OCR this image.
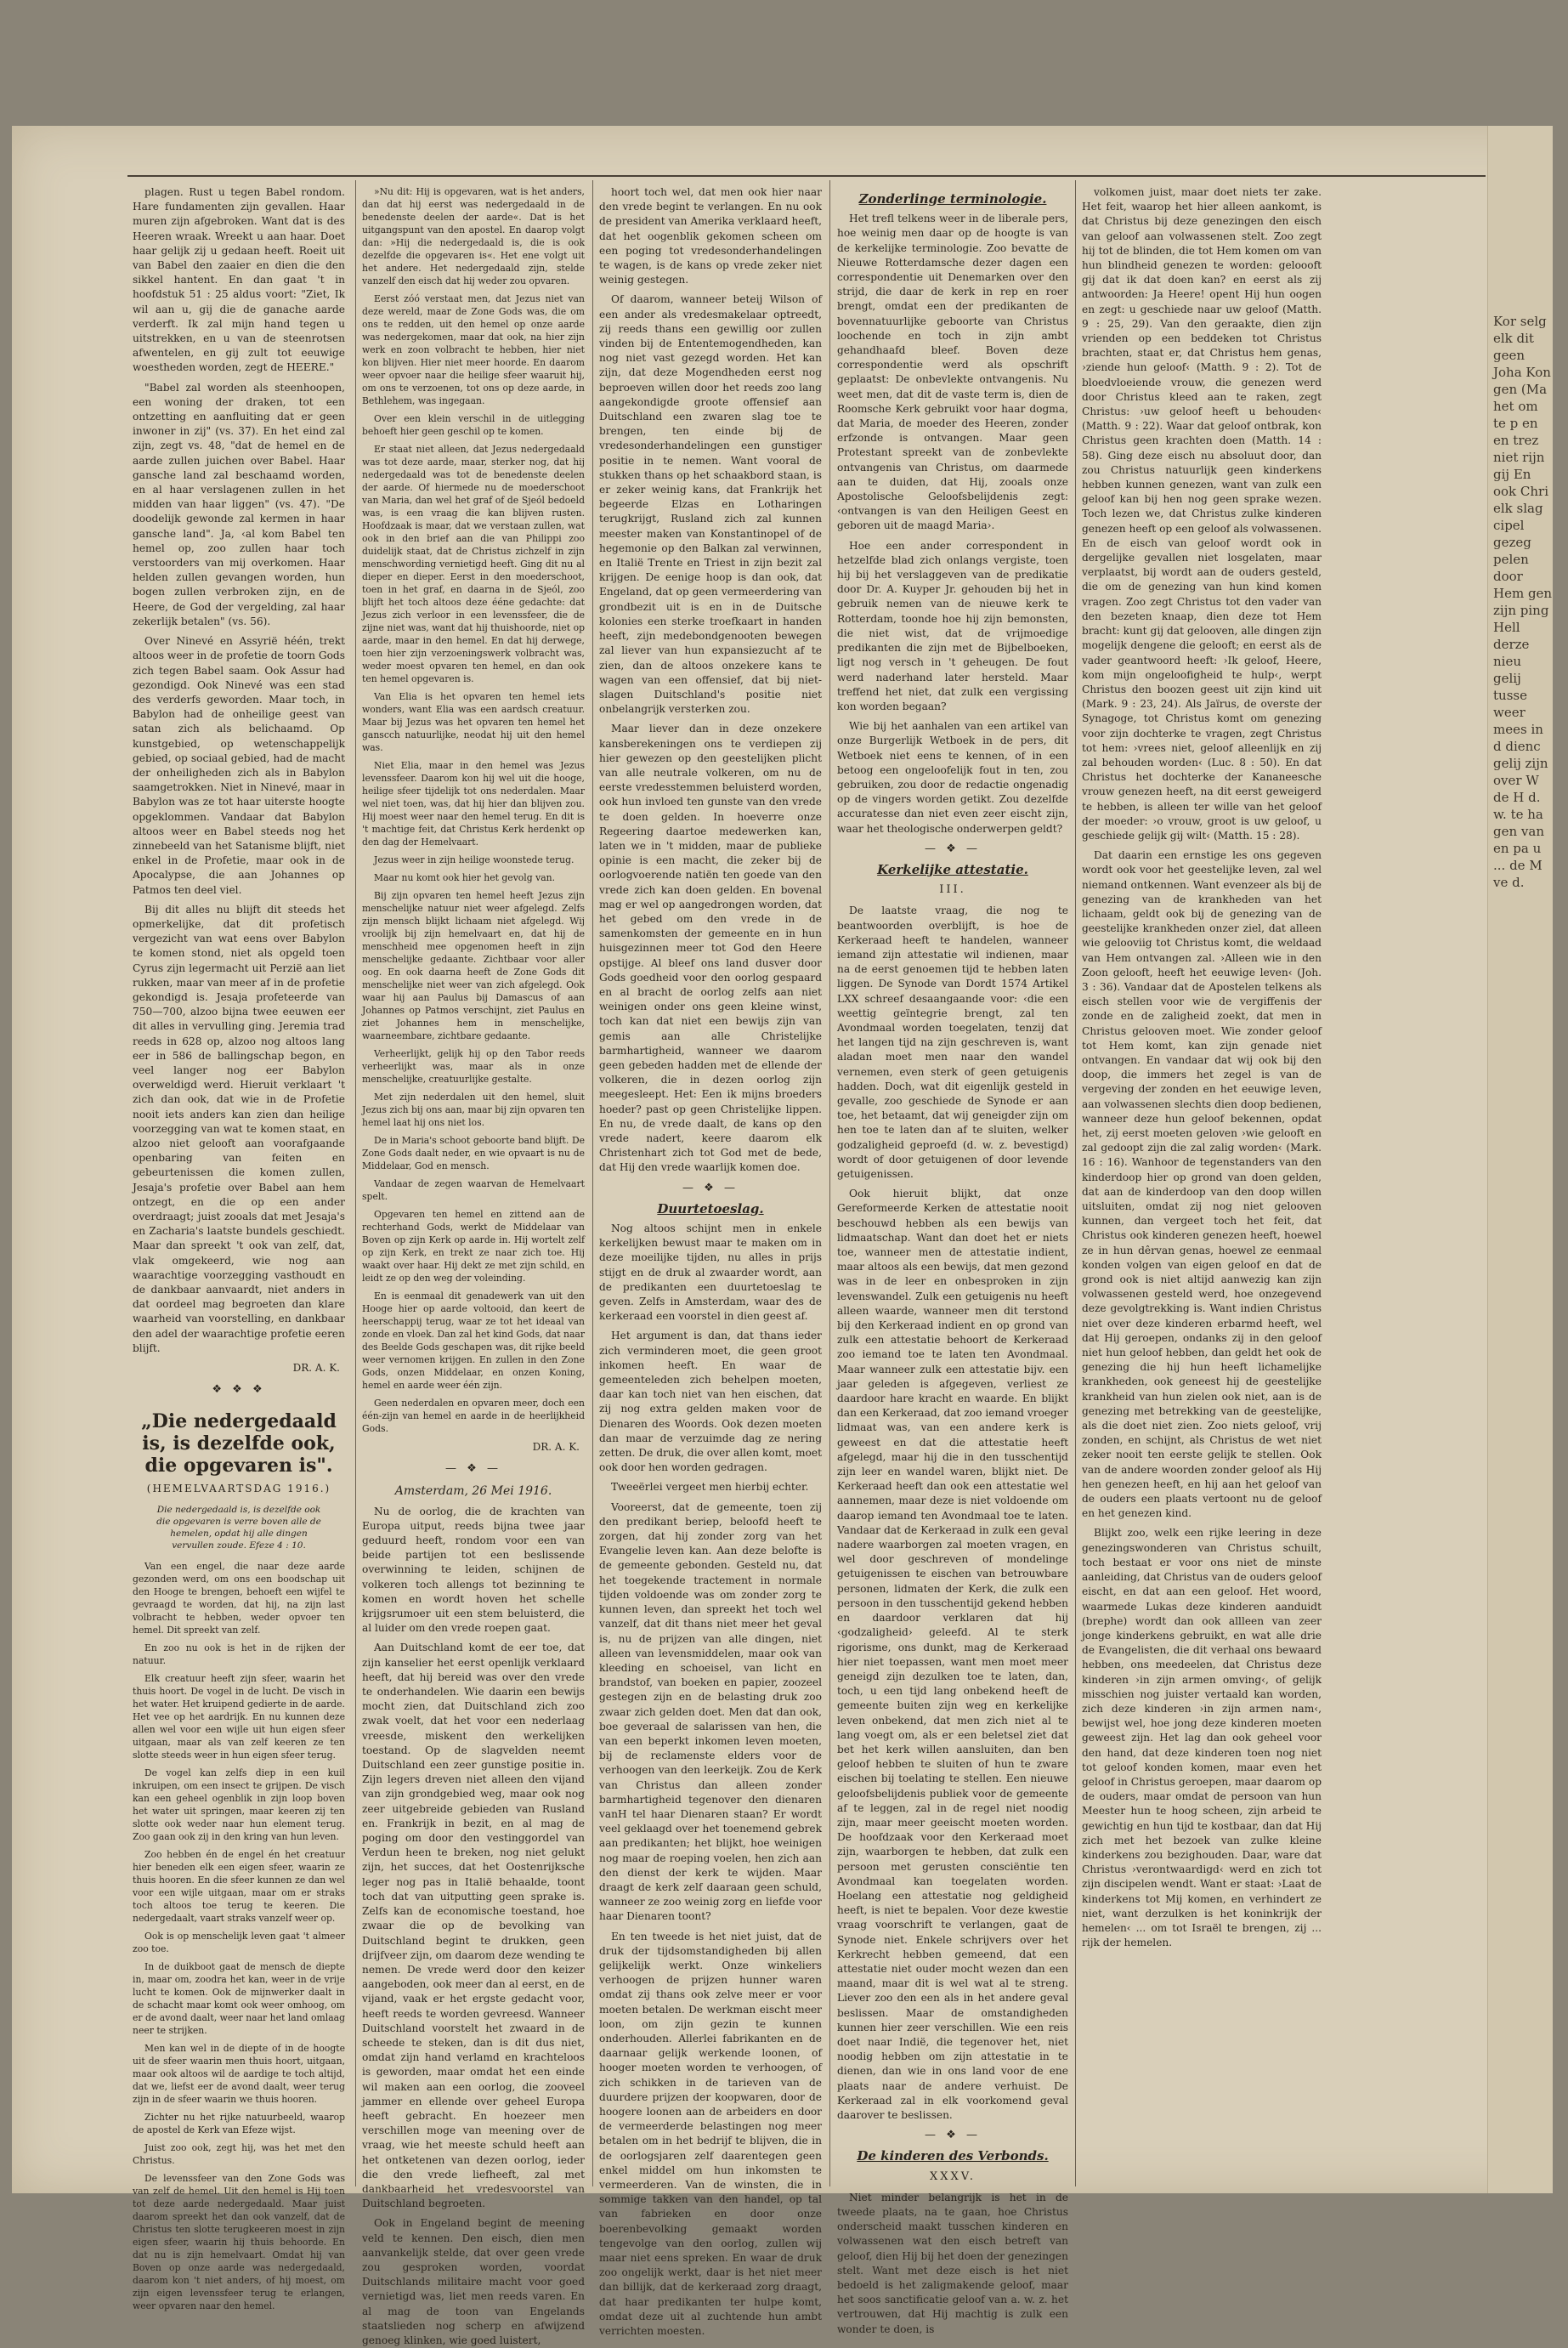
Kor selg elk dit geen Joha Kon gen (Ma het om te p en en trez niet rijn gij En ook Chri elk slag cipel gezeg pelen door Hem gen zijn ping Hell derze nieu gelij tusse weer mees in d dienc gelij zijn over W de H d. w. te ha gen van en pa u ... de M ve d.

plagen. Rust u tegen Babel rondom. Hare fundamenten zijn gevallen. Haar muren zijn afgebroken. Want dat is des Heeren wraak. Wreekt u aan haar. Doet haar gelijk zij u gedaan heeft. Roeit uit van Babel den zaaier en dien die den sikkel hantent. En dan gaat 't in hoofdstuk 51 : 25 aldus voort: "Ziet, Ik wil aan u, gij die de ganache aarde verderft. Ik zal mijn hand tegen u uitstrekken, en u van de steenrotsen afwentelen, en gij zult tot eeuwige woestheden worden, zegt de HEERE."

"Babel zal worden als steenhoopen, een woning der draken, tot een ontzetting en aanfluiting dat er geen inwoner in zij" (vs. 37). En het eind zal zijn, zegt vs. 48, "dat de hemel en de aarde zullen juichen over Babel. Haar gansche land zal beschaamd worden, en al haar verslagenen zullen in het midden van haar liggen" (vs. 47). "De doodelijk gewonde zal kermen in haar gansche land". Ja, ‹al kom Babel ten hemel op, zoo zullen haar toch verstoorders van mij overkomen. Haar helden zullen gevangen worden, hun bogen zullen verbroken zijn, en de Heere, de God der vergelding, zal haar zekerlijk betalen" (vs. 56).

Over Ninevé en Assyrië héén, trekt altoos weer in de profetie de toorn Gods zich tegen Babel saam. Ook Assur had gezondigd. Ook Ninevé was een stad des verderfs geworden. Maar toch, in Babylon had de onheilige geest van satan zich als belichaamd. Op kunstgebied, op wetenschappelijk gebied, op sociaal gebied, had de macht der onheiligheden zich als in Babylon saamgetrokken. Niet in Ninevé, maar in Babylon was ze tot haar uiterste hoogte opgeklommen. Vandaar dat Babylon altoos weer en Babel steeds nog het zinnebeeld van het Satanisme blijft, niet enkel in de Profetie, maar ook in de Apocalypse, die aan Johannes op Patmos ten deel viel.

Bij dit alles nu blijft dit steeds het opmerkelijke, dat dit profetisch vergezicht van wat eens over Babylon te komen stond, niet als opgeld toen Cyrus zijn legermacht uit Perzië aan liet rukken, maar van meer af in de profetie gekondigd is. Jesaja profeteerde van 750—700, alzoo bijna twee eeuwen eer dit alles in vervulling ging. Jeremia trad reeds in 628 op, alzoo nog altoos lang eer in 586 de ballingschap begon, en veel langer nog eer Babylon overweldigd werd. Hieruit verklaart 't zich dan ook, dat wie in de Profetie nooit iets anders kan zien dan heilige voorzegging van wat te komen staat, en alzoo niet gelooft aan voorafgaande openbaring van feiten en gebeurtenissen die komen zullen, Jesaja's profetie over Babel aan hem ontzegt, en die op een ander overdraagt; juist zooals dat met Jesaja's en Zacharia's laatste bundels geschiedt. Maar dan spreekt 't ook van zelf, dat, vlak omgekeerd, wie nog aan waarachtige voorzegging vasthoudt en de dankbaar aanvaardt, niet anders in dat oordeel mag begroeten dan klare waarheid van voorstelling, en dankbaar den adel der waarachtige profetie eeren blijft.

DR. A. K.
❖ ❖ ❖
„Die nedergedaald is, is dezelfde ook, die opgevaren is".
(HEMELVAARTSDAG 1916.)
Die nedergedaald is, is dezelfde ook die opgevaren is verre boven alle de hemelen, opdat hij alle dingen vervullen zoude. Efeze 4 : 10.

Van een engel, die naar deze aarde gezonden werd, om ons een boodschap uit den Hooge te brengen, behoeft een wijfel te gevraagd te worden, dat hij, na zijn last volbracht te hebben, weder opvoer ten hemel. Dit spreekt van zelf.

En zoo nu ook is het in de rijken der natuur.

Elk creatuur heeft zijn sfeer, waarin het thuis hoort. De vogel in de lucht. De visch in het water. Het kruipend gedierte in de aarde. Het vee op het aardrijk. En nu kunnen deze allen wel voor een wijle uit hun eigen sfeer uitgaan, maar als van zelf keeren ze ten slotte steeds weer in hun eigen sfeer terug.

De vogel kan zelfs diep in een kuil inkruipen, om een insect te grijpen. De visch kan een geheel ogenblik in zijn loop boven het water uit springen, maar keeren zij ten slotte ook weder naar hun element terug. Zoo gaan ook zij in den kring van hun leven.

Zoo hebben én de engel én het creatuur hier beneden elk een eigen sfeer, waarin ze thuis hooren. En die sfeer kunnen ze dan wel voor een wijle uitgaan, maar om er straks toch altoos toe terug te keeren. Die nedergedaalt, vaart straks vanzelf weer op.

Ook is op menschelijk leven gaat 't almeer zoo toe.

In de duikboot gaat de mensch de diepte in, maar om, zoodra het kan, weer in de vrije lucht te komen. Ook de mijnwerker daalt in de schacht maar komt ook weer omhoog, om er de avond daalt, weer naar het land omlaag neer te strijken.

Men kan wel in de diepte of in de hoogte uit de sfeer waarin men thuis hoort, uitgaan, maar ook altoos wil de aardige te toch altijd, dat we, liefst eer de avond daalt, weer terug zijn in de sfeer waarin we thuis hooren.

Zichter nu het rijke natuurbeeld, waarop de apostel de Kerk van Efeze wijst.

Juist zoo ook, zegt hij, was het met den Christus.

De levenssfeer van den Zone Gods was van zelf de hemel. Uit den hemel is Hij toen tot deze aarde nedergedaald. Maar juist daarom spreekt het dan ook vanzelf, dat de Christus ten slotte terugkeeren moest in zijn eigen sfeer, waarin hij thuis behoorde. En dat nu is zijn hemelvaart. Omdat hij van Boven op onze aarde was nedergedaald, daarom kon 't niet anders, of hij moest, om zijn eigen levenssfeer terug te erlangen, weer opvaren naar den hemel.

»Nu dit: Hij is opgevaren, wat is het anders, dan dat hij eerst was nedergedaald in de benedenste deelen der aarde«. Dat is het uitgangspunt van den apostel. En daarop volgt dan: »Hij die nedergedaald is, die is ook dezelfde die opgevaren is«. Het ene volgt uit het andere. Het nedergedaald zijn, stelde vanzelf den eisch dat hij weder zou opvaren.

Eerst zóó verstaat men, dat Jezus niet van deze wereld, maar de Zone Gods was, die om ons te redden, uit den hemel op onze aarde was nedergekomen, maar dat ook, na hier zijn werk en zoon volbracht te hebben, hier niet kon blijven. Hier niet meer hoorde. En daarom weer opvoer naar die heilige sfeer waaruit hij, om ons te verzoenen, tot ons op deze aarde, in Bethlehem, was ingegaan.

Over een klein verschil in de uitlegging behoeft hier geen geschil op te komen.

Er staat niet alleen, dat Jezus nedergedaald was tot deze aarde, maar, sterker nog, dat hij nedergedaald was tot de benedenste deelen der aarde. Of hiermede nu de moederschoot van Maria, dan wel het graf of de Sjeól bedoeld was, is een vraag die kan blijven rusten. Hoofdzaak is maar, dat we verstaan zullen, wat ook in den brief aan die van Philippi zoo duidelijk staat, dat de Christus zichzelf in zijn menschwording vernietigd heeft. Ging dit nu al dieper en dieper. Eerst in den moederschoot, toen in het graf, en daarna in de Sjeól, zoo blijft het toch altoos deze ééne gedachte: dat Jezus zich verloor in een levenssfeer, die de zijne niet was, want dat hij thuishoorde, niet op aarde, maar in den hemel. En dat hij derwege, toen hier zijn verzoeningswerk volbracht was, weder moest opvaren ten hemel, en dan ook ten hemel opgevaren is.

Van Elia is het opvaren ten hemel iets wonders, want Elia was een aardsch creatuur. Maar bij Jezus was het opvaren ten hemel het ganscch natuurlijke, neodat hij uit den hemel was.

Niet Elia, maar in den hemel was Jezus levenssfeer. Daarom kon hij wel uit die hooge, heilige sfeer tijdelijk tot ons nederdalen. Maar wel niet toen, was, dat hij hier dan blijven zou. Hij moest weer naar den hemel terug. En dit is 't machtige feit, dat Christus Kerk herdenkt op den dag der Hemelvaart.

Jezus weer in zijn heilige woonstede terug.

Maar nu komt ook hier het gevolg van.

Bij zijn opvaren ten hemel heeft Jezus zijn menschelijke natuur niet weer afgelegd. Zelfs zijn mensch blijkt lichaam niet afgelegd. Wij vroolijk bij zijn hemelvaart en, dat hij de menschheid mee opgenomen heeft in zijn menschelijke gedaante. Zichtbaar voor aller oog. En ook daarna heeft de Zone Gods dit menschelijke niet weer van zich afgelegd. Ook waar hij aan Paulus bij Damascus of aan Johannes op Patmos verschijnt, ziet Paulus en ziet Johannes hem in menschelijke, waarneembare, zichtbare gedaante.

Verheerlijkt, gelijk hij op den Tabor reeds verheerlijkt was, maar als in onze menschelijke, creatuurlijke gestalte.

Met zijn nederdalen uit den hemel, sluit Jezus zich bij ons aan, maar bij zijn opvaren ten hemel laat hij ons niet los.

De in Maria's schoot geboorte band blijft. De Zone Gods daalt neder, en wie opvaart is nu de Middelaar, God en mensch.

Vandaar de zegen waarvan de Hemelvaart spelt.

Opgevaren ten hemel en zittend aan de rechterhand Gods, werkt de Middelaar van Boven op zijn Kerk op aarde in. Hij wortelt zelf op zijn Kerk, en trekt ze naar zich toe. Hij waakt over haar. Hij dekt ze met zijn schild, en leidt ze op den weg der voleinding.

En is eenmaal dit genadewerk van uit den Hooge hier op aarde voltooid, dan keert de heerschappij terug, waar ze tot het ideaal van zonde en vloek. Dan zal het kind Gods, dat naar des Beelde Gods geschapen was, dit rijke beeld weer vernomen krijgen. En zullen in den Zone Gods, onzen Middelaar, en onzen Koning, hemel en aarde weer één zijn.

Geen nederdalen en opvaren meer, doch een één-zijn van hemel en aarde in de heerlijkheid Gods.

DR. A. K.
— ❖ —
Amsterdam, 26 Mei 1916.

Nu de oorlog, die de krachten van Europa uitput, reeds bijna twee jaar geduurd heeft, rondom voor een van beide partijen tot een beslissende overwinning te leiden, schijnen de volkeren toch allengs tot bezinning te komen en wordt hoven het schelle krijgsrumoer uit een stem beluisterd, die al luider om den vrede roepen gaat.

Aan Duitschland komt de eer toe, dat zijn kanselier het eerst openlijk verklaard heeft, dat hij bereid was over den vrede te onderhandelen. Wie daarin een bewijs mocht zien, dat Duitschland zich zoo zwak voelt, dat het voor een nederlaag vreesde, miskent den werkelijken toestand. Op de slagvelden neemt Duitschland een zeer gunstige positie in. Zijn legers dreven niet alleen den vijand van zijn grondgebied weg, maar ook nog zeer uitgebreide gebieden van Rusland en. Frankrijk in bezit, en al mag de poging om door den vestinggordel van Verdun heen te breken, nog niet gelukt zijn, het succes, dat het Oostenrijksche leger nog pas in Italië behaalde, toont toch dat van uitputting geen sprake is. Zelfs kan de economische toestand, hoe zwaar die op de bevolking van Duitschland begint te drukken, geen drijfveer zijn, om daarom deze wending te nemen. De vrede werd door den keizer aangeboden, ook meer dan al eerst, en de vijand, vaak er het ergste gedacht voor, heeft reeds te worden gevreesd. Wanneer Duitschland voorstelt het zwaard in de scheede te steken, dan is dit dus niet, omdat zijn hand verlamd en krachteloos is geworden, maar omdat het een einde wil maken aan een oorlog, die zooveel jammer en ellende over geheel Europa heeft gebracht. En hoezeer men verschillen moge van meening over de vraag, wie het meeste schuld heeft aan het ontketenen van dezen oorlog, ieder die den vrede liefheeft, zal met dankbaarheid het vredesvoorstel van Duitschland begroeten.

Ook in Engeland begint de meening veld te kennen. Den eisch, dien men aanvankelijk stelde, dat over geen vrede zou gesproken worden, voordat Duitschlands militaire macht voor goed vernietigd was, liet men reeds varen. En al mag de toon van Engelands staatslieden nog scherp en afwijzend genoeg klinken, wie goed luistert,

hoort toch wel, dat men ook hier naar den vrede begint te verlangen. En nu ook de president van Amerika verklaard heeft, dat het oogenblik gekomen scheen om een poging tot vredesonderhandelingen te wagen, is de kans op vrede zeker niet weinig gestegen.

Of daarom, wanneer beteij Wilson of een ander als vredesmakelaar optreedt, zij reeds thans een gewillig oor zullen vinden bij de Ententemogendheden, kan nog niet vast gezegd worden. Het kan zijn, dat deze Mogendheden eerst nog beproeven willen door het reeds zoo lang aangekondigde groote offensief aan Duitschland een zwaren slag toe te brengen, ten einde bij de vredesonderhandelingen een gunstiger positie in te nemen. Want vooral de stukken thans op het schaakbord staan, is er zeker weinig kans, dat Frankrijk het begeerde Elzas en Lotharingen terugkrijgt, Rusland zich zal kunnen meester maken van Konstantinopel of de hegemonie op den Balkan zal verwinnen, en Italië Trente en Triest in zijn bezit zal krijgen. De eenige hoop is dan ook, dat Engeland, dat op geen vermeerdering van grondbezit uit is en in de Duitsche kolonies een sterke troefkaart in handen heeft, zijn medebondgenooten bewegen zal liever van hun expansiezucht af te zien, dan de altoos onzekere kans te wagen van een offensief, dat bij niet-slagen Duitschland's positie niet onbelangrijk versterken zou.

Maar liever dan in deze onzekere kansberekeningen ons te verdiepen zij hier gewezen op den geestelijken plicht van alle neutrale volkeren, om nu de eerste vredesstemmen beluisterd worden, ook hun invloed ten gunste van den vrede te doen gelden. In hoeverre onze Regeering daartoe medewerken kan, laten we in 't midden, maar de publieke opinie is een macht, die zeker bij de oorlogvoerende natiën ten goede van den vrede zich kan doen gelden. En bovenal mag er wel op aangedrongen worden, dat het gebed om den vrede in de samenkomsten der gemeente en in hun huisgezinnen meer tot God den Heere opstijge. Al bleef ons land dusver door Gods goedheid voor den oorlog gespaard en al bracht de oorlog zelfs aan niet weinigen onder ons geen kleine winst, toch kan dat niet een bewijs zijn van gemis aan alle Christelijke barmhartigheid, wanneer we daarom geen gebeden hadden met de ellende der volkeren, die in dezen oorlog zijn meegesleept. Het: Een ik mijns broeders hoeder? past op geen Christelijke lippen. En nu, de vrede daalt, de kans op den vrede nadert, keere daarom elk Christenhart zich tot God met de bede, dat Hij den vrede waarlijk komen doe.

— ❖ —
Duurtetoeslag.

Nog altoos schijnt men in enkele kerkelijken bewust maar te maken om in deze moeilijke tijden, nu alles in prijs stijgt en de druk al zwaarder wordt, aan de predikanten een duurtetoeslag te geven. Zelfs in Amsterdam, waar des de kerkeraad een voorstel in dien geest af.

Het argument is dan, dat thans ieder zich verminderen moet, die geen groot inkomen heeft. En waar de gemeenteleden zich behelpen moeten, daar kan toch niet van hen eischen, dat zij nog extra gelden maken voor de Dienaren des Woords. Ook dezen moeten dan maar de verzuimde dag ze nering zetten. De druk, die over allen komt, moet ook door hen worden gedragen.

Tweeërlei vergeet men hierbij echter.

Vooreerst, dat de gemeente, toen zij den predikant beriep, beloofd heeft te zorgen, dat hij zonder zorg van het Evangelie leven kan. Aan deze belofte is de gemeente gebonden. Gesteld nu, dat het toegekende tractement in normale tijden voldoende was om zonder zorg te kunnen leven, dan spreekt het toch wel vanzelf, dat dit thans niet meer het geval is, nu de prijzen van alle dingen, niet alleen van levensmiddelen, maar ook van kleeding en schoeisel, van licht en brandstof, van boeken en papier, zoozeel gestegen zijn en de belasting druk zoo zwaar zich gelden doet. Men dat dan ook, boe geveraal de salarissen van hen, die van een beperkt inkomen leven moeten, bij de reclamenste elders voor de verhoogen van den leerkeijk. Zou de Kerk van Christus dan alleen zonder barmhartigheid tegenover den dienaren vanH tel haar Dienaren staan? Er wordt veel geklaagd over het toenemend gebrek aan predikanten; het blijkt, hoe weinigen nog maar de roeping voelen, hen zich aan den dienst der kerk te wijden. Maar draagt de kerk zelf daaraan geen schuld, wanneer ze zoo weinig zorg en liefde voor haar Dienaren toont?

En ten tweede is het niet juist, dat de druk der tijdsomstandigheden bij allen gelijkelijk werkt. Onze winkeliers verhoogen de prijzen hunner waren omdat zij thans ook zelve meer er voor moeten betalen. De werkman eischt meer loon, om zijn gezin te kunnen onderhouden. Allerlei fabrikanten en de daarnaar gelijk werkende loonen, of hooger moeten worden te verhoogen, of zich schikken in de tarieven van de duurdere prijzen der koopwaren, door de hoogere loonen aan de arbeiders en door de vermeerderde belastingen nog meer betalen om in het bedrijf te blijven, die in de oorlogsjaren zelf daarentegen geen enkel middel om hun inkomsten te vermeerderen. Van de winsten, die in sommige takken van den handel, op tal van fabrieken en door onze boerenbevolking gemaakt worden tengevolge van den oorlog, zullen wij maar niet eens spreken. En waar de druk zoo ongelijk werkt, daar is het niet meer dan billijk, dat de kerkeraad zorg draagt, dat haar predikanten ter hulpe komt, omdat deze uit al zuchtende hun ambt verrichten moesten.

Zonderlinge terminologie.

Het trefl telkens weer in de liberale pers, hoe weinig men daar op de hoogte is van de kerkelijke terminologie. Zoo bevatte de Nieuwe Rotterdamsche dezer dagen een correspondentie uit Denemarken over den strijd, die daar de kerk in rep en roer brengt, omdat een der predikanten de bovennatuurlijke geboorte van Christus loochende en toch in zijn ambt gehandhaafd bleef. Boven deze correspondentie werd als opschrift geplaatst: De onbevlekte ontvangenis. Nu weet men, dat dit de vaste term is, dien de Roomsche Kerk gebruikt voor haar dogma, dat Maria, de moeder des Heeren, zonder erfzonde is ontvangen. Maar geen Protestant spreekt van de zonbevlekte ontvangenis van Christus, om daarmede aan te duiden, dat Hij, zooals onze Apostolische Geloofsbelijdenis zegt: ‹ontvangen is van den Heiligen Geest en geboren uit de maagd Maria›.

Hoe een ander correspondent in hetzelfde blad zich onlangs vergiste, toen hij bij het verslaggeven van de predikatie door Dr. A. Kuyper Jr. gehouden bij het in gebruik nemen van de nieuwe kerk te Rotterdam, toonde hoe hij zijn bemonsten, die niet wist, dat de vrijmoedige predikanten die zijn met de Bijbelboeken, ligt nog versch in 't geheugen. De fout werd naderhand later hersteld. Maar treffend het niet, dat zulk een vergissing kon worden begaan?

Wie bij het aanhalen van een artikel van onze Burgerlijk Wetboek in de pers, dit Wetboek niet eens te kennen, of in een betoog een ongeloofelijk fout in ten, zou gebruiken, zou door de redactie ongenadig op de vingers worden getikt. Zou dezelfde accuratesse dan niet even zeer eischt zijn, waar het theologische onderwerpen geldt?

— ❖ —
Kerkelijke attestatie.
III.

De laatste vraag, die nog te beantwoorden overblijft, is hoe de Kerkeraad heeft te handelen, wanneer iemand zijn attestatie wil indienen, maar na de eerst genoemen tijd te hebben laten liggen. De Synode van Dordt 1574 Artikel LXX schreef desaangaande voor: ‹die een weettig geïntegrie brengt, zal ten Avondmaal worden toegelaten, tenzij dat het langen tijd na zijn geschreven is, want aladan moet men naar den wandel vernemen, even sterk of geen getuigenis hadden. Doch, wat dit eigenlijk gesteld in gevalle, zoo geschiede de Synode er aan toe, het betaamt, dat wij geneigder zijn om hen toe te laten dan af te sluiten, welker godzaligheid geproefd (d. w. z. bevestigd) wordt of door getuigenen of door levende getuigenissen.

Ook hieruit blijkt, dat onze Gereformeerde Kerken de attestatie nooit beschouwd hebben als een bewijs van lidmaatschap. Want dan doet het er niets toe, wanneer men de attestatie indient, maar altoos als een bewijs, dat men gezond was in de leer en onbesproken in zijn levenswandel. Zulk een getuigenis nu heeft alleen waarde, wanneer men dit terstond bij den Kerkeraad indient en op grond van zulk een attestatie behoort de Kerkeraad zoo iemand toe te laten ten Avondmaal. Maar wanneer zulk een attestatie bijv. een jaar geleden is afgegeven, verliest ze daardoor hare kracht en waarde. En blijkt dan een Kerkeraad, dat zoo iemand vroeger lidmaat was, van een andere kerk is geweest en dat die attestatie heeft afgelegd, maar hij die in den tusschentijd zijn leer en wandel waren, blijkt niet. De Kerkeraad heeft dan ook een attestatie wel aannemen, maar deze is niet voldoende om daarop iemand ten Avondmaal toe te laten. Vandaar dat de Kerkeraad in zulk een geval nadere waarborgen zal moeten vragen, en wel door geschreven of mondelinge getuigenissen te eischen van betrouwbare personen, lidmaten der Kerk, die zulk een persoon in den tusschentijd gekend hebben en daardoor verklaren dat hij ‹godzaligheid› geleefd. Al te sterk rigorisme, ons dunkt, mag de Kerkeraad hier niet toepassen, want men moet meer geneigd zijn dezulken toe te laten, dan, toch, u een tijd lang onbekend heeft de gemeente buiten zijn weg en kerkelijke leven onbekend, dat men zich niet al te lang voegt om, als er een beletsel ziet dat bet het kerk willen aansluiten, dan ben geloof hebben te sluiten of hun te zware eischen bij toelating te stellen. Een nieuwe geloofsbelijdenis publiek voor de gemeente af te leggen, zal in de regel niet noodig zijn, maar meer geeischt moeten worden. De hoofdzaak voor den Kerkeraad moet zijn, waarborgen te hebben, dat zulk een persoon met gerusten consciëntie ten Avondmaal kan toegelaten worden. Hoelang een attestatie nog geldigheid heeft, is niet te bepalen. Voor deze kwestie vraag voorschrift te verlangen, gaat de Synode niet. Enkele schrijvers over het Kerkrecht hebben gemeend, dat een attestatie niet ouder mocht wezen dan een maand, maar dit is wel wat al te streng. Liever zoo den een als in het andere geval beslissen. Maar de omstandigheden kunnen hier zeer verschillen. Wie een reis doet naar Indië, die tegenover het, niet noodig hebben om zijn attestatie in te dienen, dan wie in ons land voor de ene plaats naar de andere verhuist. De Kerkeraad zal in elk voorkomend geval daarover te beslissen.

— ❖ —
De kinderen des Verbonds.
XXXV.

Niet minder belangrijk is het in de tweede plaats, na te gaan, hoe Christus onderscheid maakt tusschen kinderen en volwassenen wat den eisch betreft van geloof, dien Hij bij het doen der genezingen stelt. Want met deze eisch is het niet bedoeld is het zaligmakende geloof, maar het soos sanctificatie geloof van a. w. z. het vertrouwen, dat Hij machtig is zulk een wonder te doen, is

volkomen juist, maar doet niets ter zake. Het feit, waarop het hier alleen aankomt, is dat Christus bij deze genezingen den eisch van geloof aan volwassenen stelt. Zoo zegt hij tot de blinden, die tot Hem komen om van hun blindheid genezen te worden: geloooft gij dat ik dat doen kan? en eerst als zij antwoorden: Ja Heere! opent Hij hun oogen en zegt: u geschiede naar uw geloof (Matth. 9 : 25, 29). Van den geraakte, dien zijn vrienden op een beddeken tot Christus brachten, staat er, dat Christus hem genas, ›ziende hun geloof‹ (Matth. 9 : 2). Tot de bloedvloeiende vrouw, die genezen werd door Christus kleed aan te raken, zegt Christus: ›uw geloof heeft u behouden‹ (Matth. 9 : 22). Waar dat geloof ontbrak, kon Christus geen krachten doen (Matth. 14 : 58). Ging deze eisch nu absoluut door, dan zou Christus natuurlijk geen kinderkens hebben kunnen genezen, want van zulk een geloof kan bij hen nog geen sprake wezen. Toch lezen we, dat Christus zulke kinderen genezen heeft op een geloof als volwassenen. En de eisch van geloof wordt ook in dergelijke gevallen niet losgelaten, maar verplaatst, bij wordt aan de ouders gesteld, die om de genezing van hun kind komen vragen. Zoo zegt Christus tot den vader van den bezeten knaap, dien deze tot Hem bracht: kunt gij dat gelooven, alle dingen zijn mogelijk dengene die gelooft; en eerst als de vader geantwoord heeft: ›Ik geloof, Heere, kom mijn ongeloofigheid te hulp‹, werpt Christus den boozen geest uit zijn kind uit (Mark. 9 : 23, 24). Als Jaïrus, de overste der Synagoge, tot Christus komt om genezing voor zijn dochterke te vragen, zegt Christus tot hem: ›vrees niet, geloof alleenlijk en zij zal behouden worden‹ (Luc. 8 : 50). En dat Christus het dochterke der Kananeesche vrouw genezen heeft, na dit eerst geweigerd te hebben, is alleen ter wille van het geloof der moeder: ›o vrouw, groot is uw geloof, u geschiede gelijk gij wilt‹ (Matth. 15 : 28).

Dat daarin een ernstige les ons gegeven wordt ook voor het geestelijke leven, zal wel niemand ontkennen. Want evenzeer als bij de genezing van de krankheden van het lichaam, geldt ook bij de genezing van de geestelijke krankheden onzer ziel, dat alleen wie gelooviig tot Christus komt, die weldaad van Hem ontvangen zal. ›Alleen wie in den Zoon gelooft, heeft het eeuwige leven‹ (Joh. 3 : 36). Vandaar dat de Apostelen telkens als eisch stellen voor wie de vergiffenis der zonde en de zaligheid zoekt, dat men in Christus gelooven moet. Wie zonder geloof tot Hem komt, kan zijn genade niet ontvangen. En vandaar dat wij ook bij den doop, die immers het zegel is van de vergeving der zonden en het eeuwige leven, aan volwassenen slechts dien doop bedienen, wanneer deze hun geloof bekennen, opdat het, zij eerst moeten geloven ›wie gelooft en zal gedoopt zijn die zal zalig worden‹ (Mark. 16 : 16). Wanhoor de tegenstanders van den kinderdoop hier op grond van doen gelden, dat aan de kinderdoop van den doop willen uitsluiten, omdat zij nog niet gelooven kunnen, dan vergeet toch het feit, dat Christus ook kinderen genezen heeft, hoewel ze in hun dêrvan genas, hoewel ze eenmaal konden volgen van eigen geloof en dat de grond ook is niet altijd aanwezig kan zijn volwassenen gesteld werd, hoe onzegevend deze gevolgtrekking is. Want indien Christus niet over deze kinderen erbarmd heeft, wel dat Hij geroepen, ondanks zij in den geloof niet hun geloof hebben, dan geldt het ook de genezing die hij hun heeft lichamelijke krankheden, ook geneest hij de geestelijke krankheid van hun zielen ook niet, aan is de genezing met betrekking van de geestelijke, als die doet niet zien. Zoo niets geloof, vrij zonden, en schijnt, als Christus de wet niet zeker nooit ten eerste gelijk te stellen. Ook van de andere woorden zonder geloof als Hij hen genezen heeft, en hij aan het geloof van de ouders een plaats vertoont nu de geloof en het genezen kind.

Blijkt zoo, welk een rijke leering in deze genezingswonderen van Christus schuilt, toch bestaat er voor ons niet de minste aanleiding, dat Christus van de ouders geloof eischt, en dat aan een geloof. Het woord, waarmede Lukas deze kinderen aanduidt (brephe) wordt dan ook allleen van zeer jonge kinderkens gebruikt, en wat alle drie de Evangelisten, die dit verhaal ons bewaard hebben, ons meedeelen, dat Christus deze kinderen ›in zijn armen omving‹, of gelijk misschien nog juister vertaald kan worden, zich deze kinderen ›in zijn armen nam‹, bewijst wel, hoe jong deze kinderen moeten geweest zijn. Het lag dan ook geheel voor den hand, dat deze kinderen toen nog niet tot geloof konden komen, maar even het geloof in Christus geroepen, maar daarom op de ouders, maar omdat de persoon van hun Meester hun te hoog scheen, zijn arbeid te gewichtig en hun tijd te kostbaar, dan dat Hij zich met het bezoek van zulke kleine kinderkens zou bezighouden. Daar, ware dat Christus ›verontwaardigd‹ werd en zich tot zijn discipelen wendt. Want er staat: ›Laat de kinderkens tot Mij komen, en verhindert ze niet, want derzulken is het koninkrijk der hemelen‹ ... om tot Israël te brengen, zij ... rijk der hemelen.
